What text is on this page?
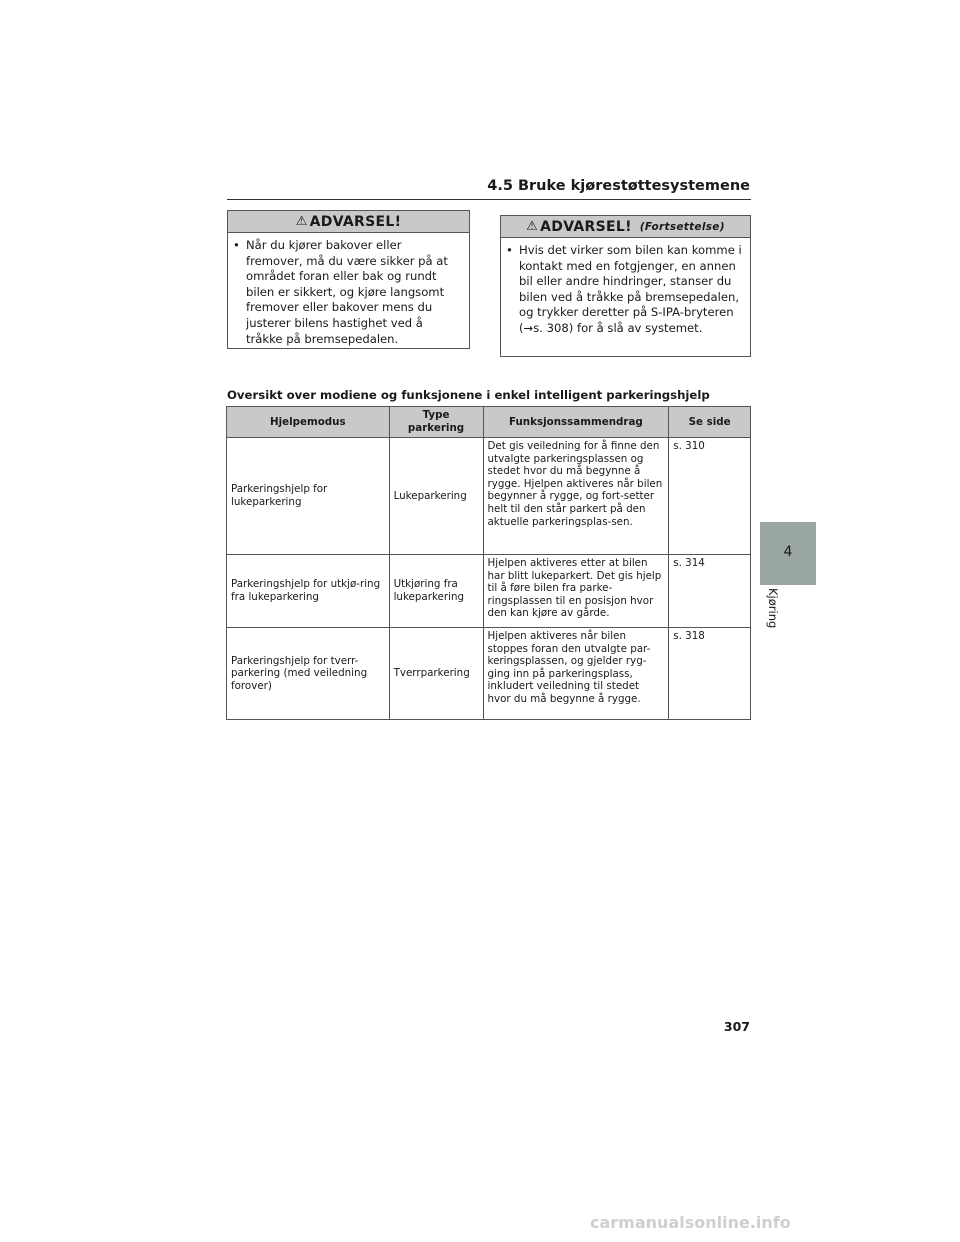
4.5 Bruke kjørestøttesystemene
⚠ ADVARSEL!
• Når du kjører bakover eller fremover, må du være sikker på at området foran eller bak og rundt bilen er sikkert, og kjøre langsomt fremover eller bakover mens du justerer bilens hastighet ved å tråkke på bremsepedalen.

⚠ ADVARSEL! (Fortsettelse)
• Hvis det virker som bilen kan komme i kontakt med en fotgjenger, en annen bil eller andre hindringer, stanser du bilen ved å tråkke på bremsepedalen, og trykker deretter på S-IPA-bryteren (→s. 308) for å slå av systemet.

Oversikt over modiene og funksjonene i enkel intelligent parkeringshjelp
Hjelpemodus	Type parkering	Funksjonssammendrag	Se side
Parkeringshjelp for lukeparkering	Lukeparkering	Det gis veiledning for å finne den utvalgte parkeringsplassen og stedet hvor du må begynne å rygge. Hjelpen aktiveres når bilen begynner å rygge, og fort-setter helt til den står parkert på den aktuelle parkeringsplas-sen.	s. 310
Parkeringshjelp for utkjø-ring fra lukeparkering	Utkjøring fra lukeparkering	Hjelpen aktiveres etter at bilen har blitt lukeparkert. Det gis hjelp til å føre bilen fra parke-ringsplassen til en posisjon hvor den kan kjøre av gårde.	s. 314
Parkeringshjelp for tverr-parkering (med veiledning forover)	Tverrparkering	Hjelpen aktiveres når bilen stoppes foran den utvalgte par-keringsplassen, og gjelder ryg-ging inn på parkeringsplass, inkludert veiledning til stedet hvor du må begynne å rygge.	s. 318
4
Kjøring
307
carmanualsonline.info
